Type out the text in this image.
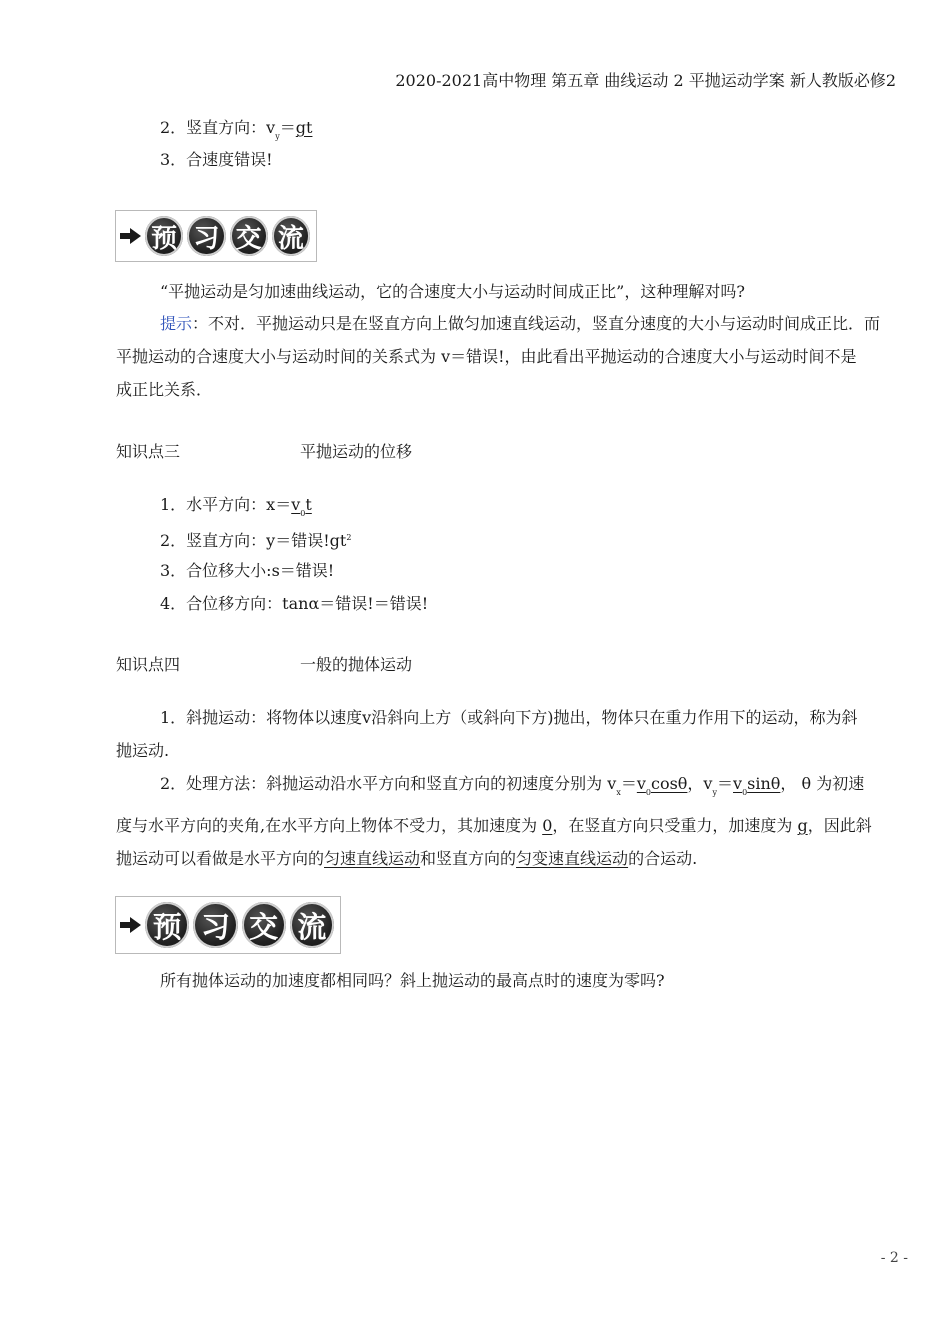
2020-2021高中物理 第五章 曲线运动 2 平抛运动学案 新人教版必修2
2．竖直方向：$v_y=gt$
3．合速度错误!
预 习 交 流
“平抛运动是匀加速曲线运动，它的合速度大小与运动时间成正比”，这种理解对吗?
提示：不对．平抛运动只是在竖直方向上做匀加速直线运动，竖直分速度的大小与运动时间成正比．而
平抛运动的合速度大小与运动时间的关系式为 v＝错误!，由此看出平抛运动的合速度大小与运动时间不是
成正比关系．
知识点三	平抛运动的位移
1．水平方向：$x=v_0t$
2．竖直方向：y＝错误$!gt^2$
3．合位移大小:s＝错误!
4．合位移方向：tanα＝错误!＝错误!
知识点四	一般的抛体运动
1．斜抛运动：将物体以速度v沿斜向上方（或斜向下方)抛出，物体只在重力作用下的运动，称为斜
抛运动.
2．处理方法：斜抛运动沿水平方向和竖直方向的初速度分别为 $v_x=v_0\cos\theta$，$v_y=v_0\sin\theta$， θ 为初速
度与水平方向的夹角,在水平方向上物体不受力，其加速度为 0，在竖直方向只受重力，加速度为 g，因此斜
抛运动可以看做是水平方向的匀速直线运动和竖直方向的匀变速直线运动的合运动.
预 习 交 流
所有抛体运动的加速度都相同吗？斜上抛运动的最高点时的速度为零吗?
- 2 -
